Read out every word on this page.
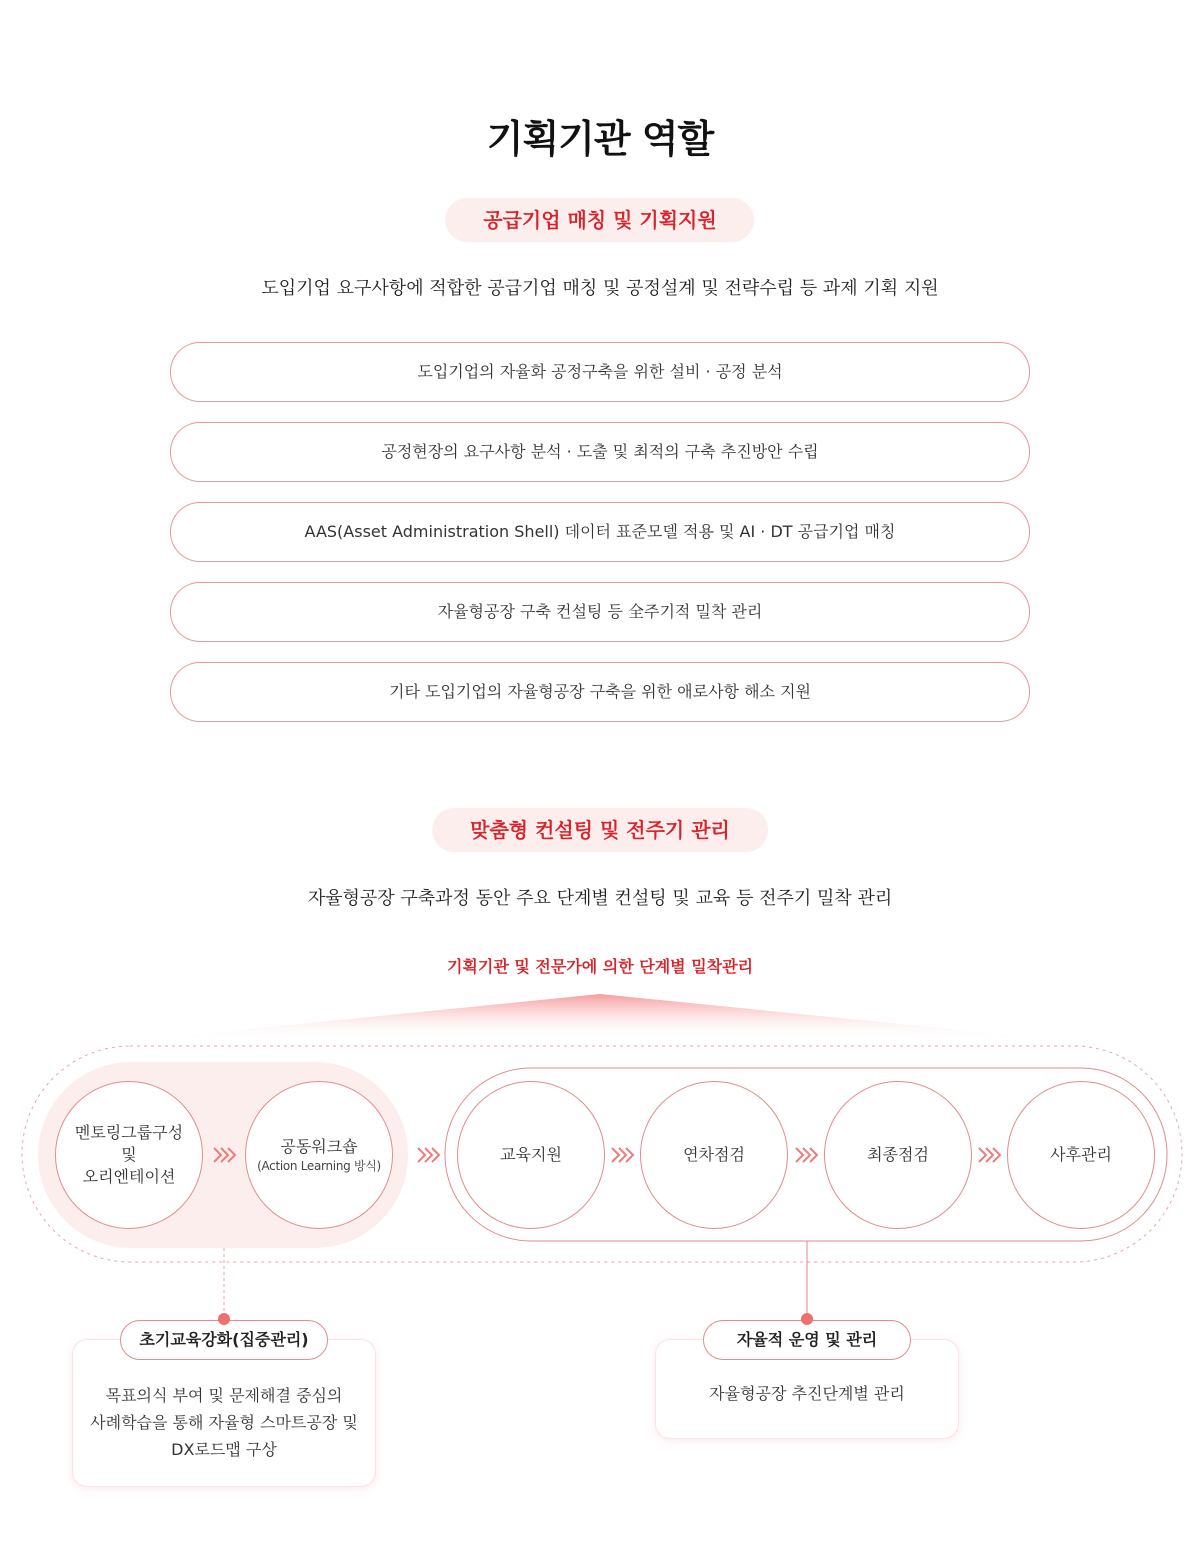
기획기관 역할
공급기업 매칭 및 기획지원
도입기업 요구사항에 적합한 공급기업 매칭 및 공정설계 및 전략수립 등 과제 기획 지원
도입기업의 자율화 공정구축을 위한 설비 · 공정 분석
공정현장의 요구사항 분석 · 도출 및 최적의 구축 추진방안 수립
AAS(Asset Administration Shell) 데이터 표준모델 적용 및 AI · DT 공급기업 매칭
자율형공장 구축 컨설팅 등 全주기적 밀착 관리
기타 도입기업의 자율형공장 구축을 위한 애로사항 해소 지원
맞춤형 컨설팅 및 전주기 관리
자율형공장 구축과정 동안 주요 단계별 컨설팅 및 교육 등 전주기 밀착 관리
기획기관 및 전문가에 의한 단계별 밀착관리
멘토링그룹구성
및
오리엔테이션
공동워크숍
(Action Learning 방식)
교육지원	연차점검	최종점검	사후관리
목표의식 부여 및 문제해결 중심의
사례학습을 통해 자율형 스마트공장 및
DX로드맵 구상
초기교육강화(집중관리)
자율형공장 추진단계별 관리
자율적 운영 및 관리
